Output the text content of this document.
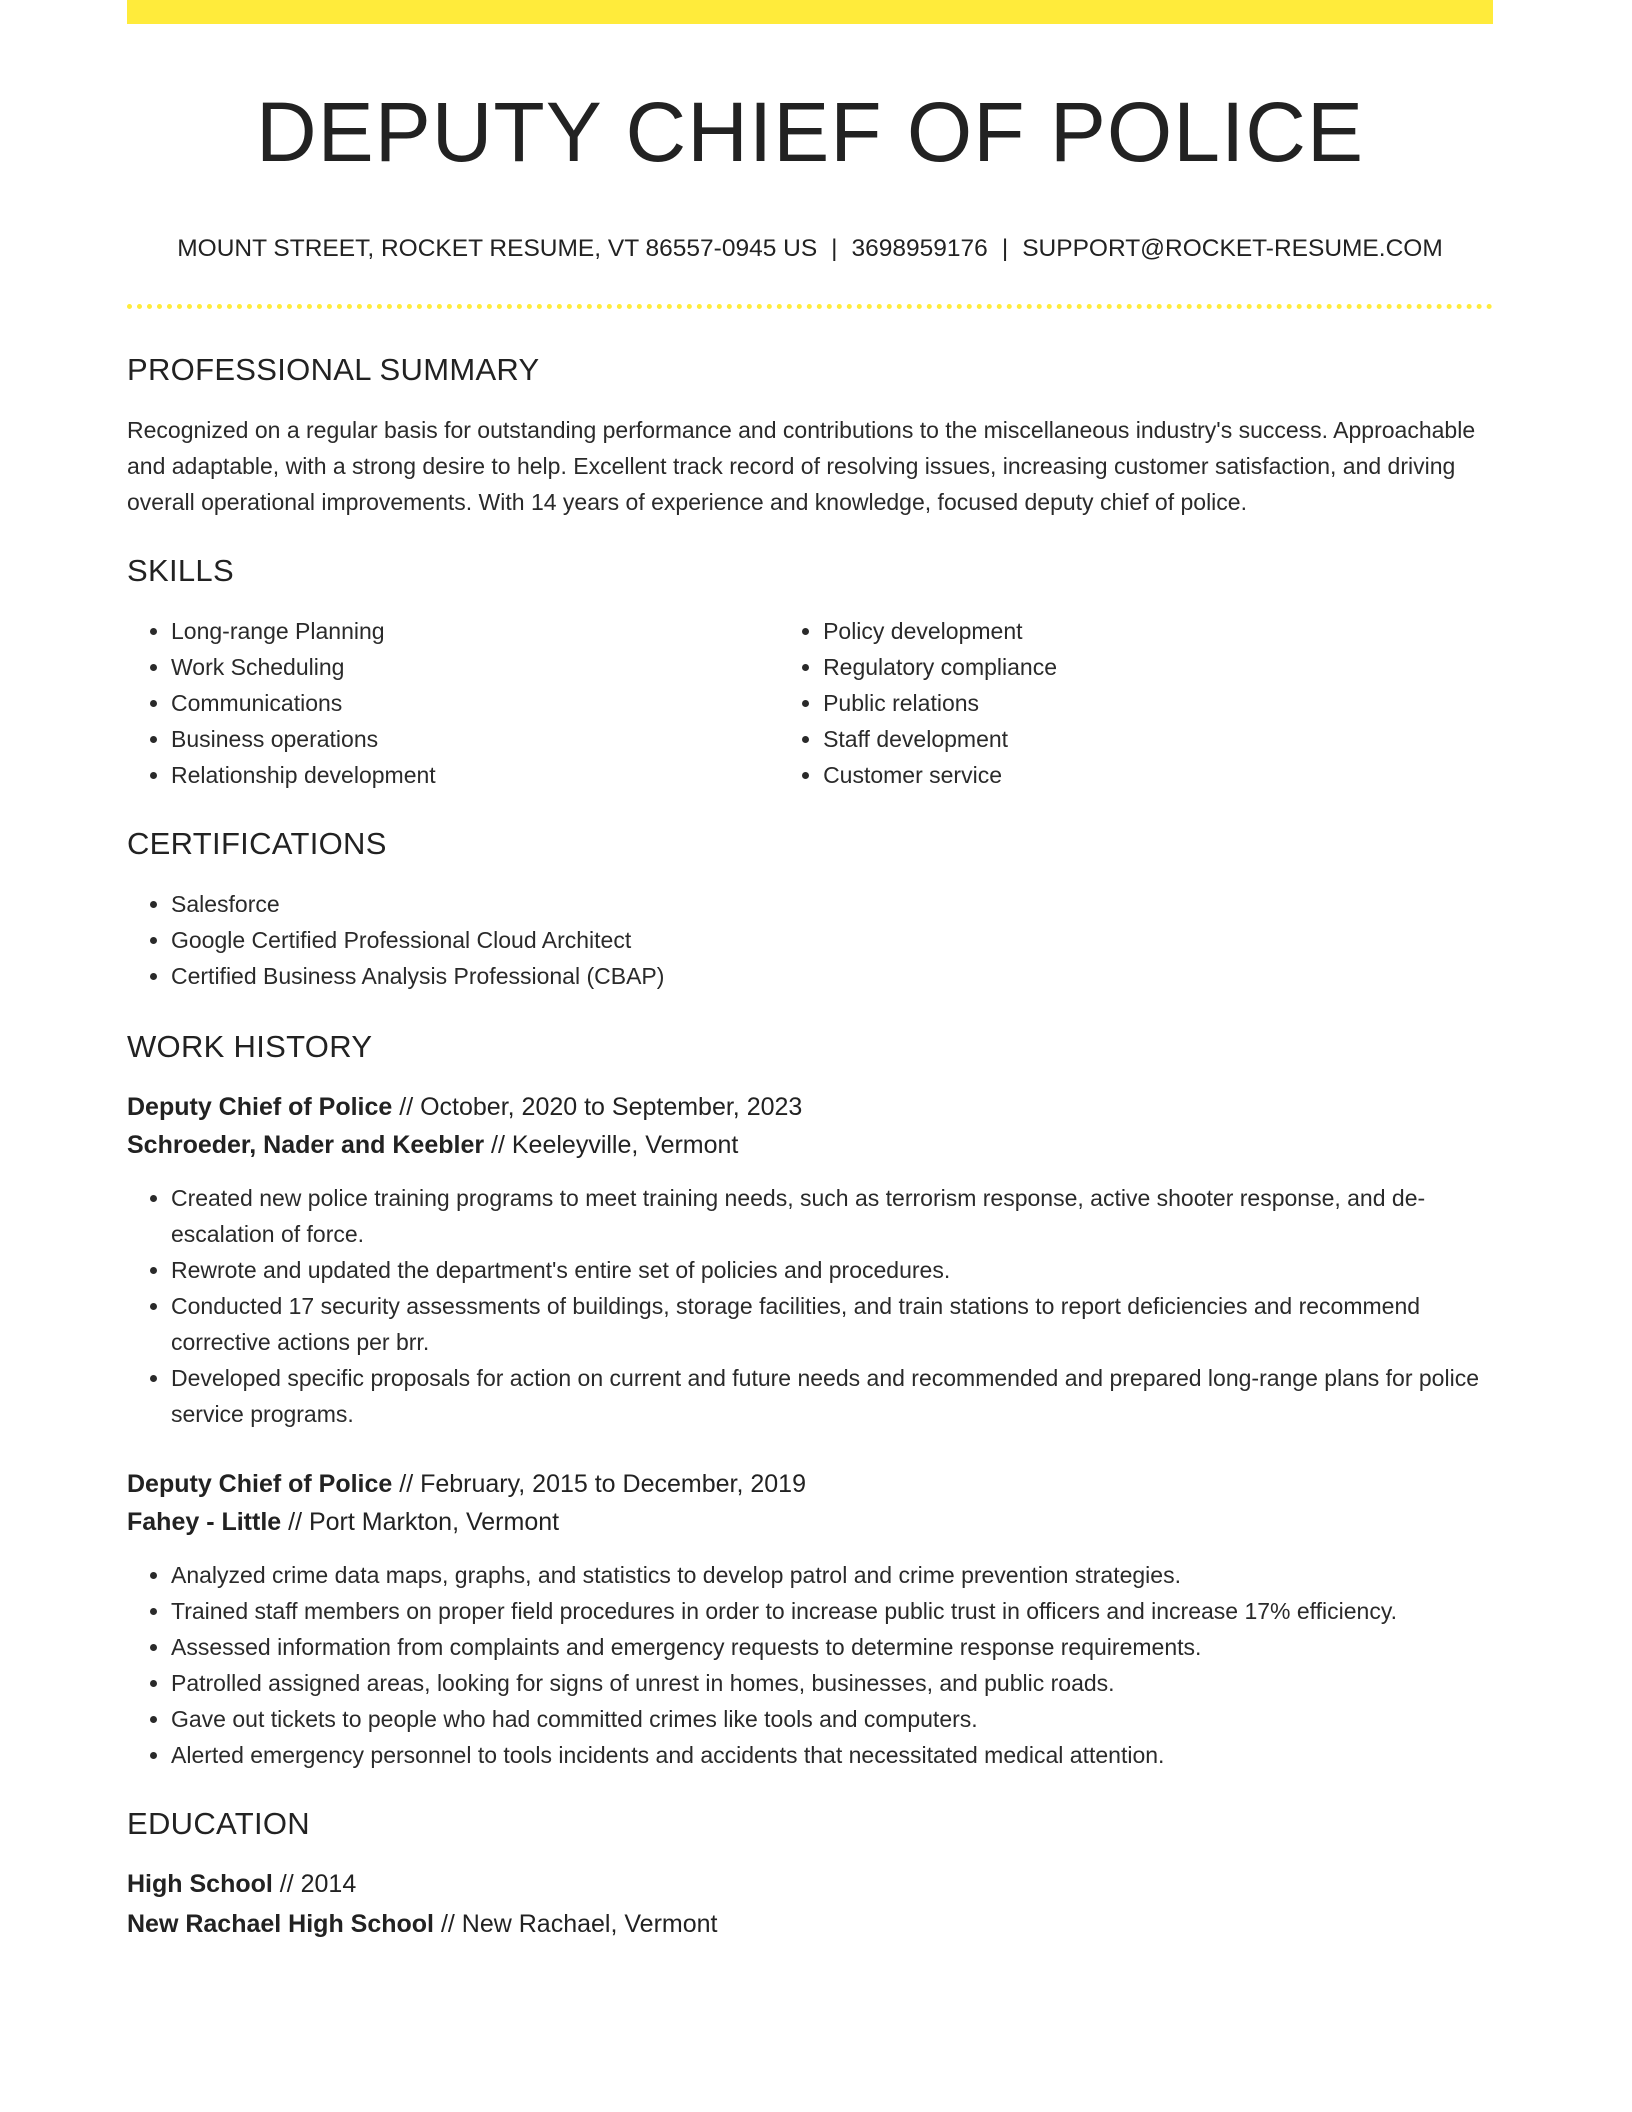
DEPUTY CHIEF OF POLICE
MOUNT STREET, ROCKET RESUME, VT 86557-0945 US | 3698959176 | SUPPORT@ROCKET-RESUME.COM
PROFESSIONAL SUMMARY
Recognized on a regular basis for outstanding performance and contributions to the miscellaneous industry's success. Approachable and adaptable, with a strong desire to help. Excellent track record of resolving issues, increasing customer satisfaction, and driving overall operational improvements. With 14 years of experience and knowledge, focused deputy chief of police.
SKILLS
• Long-range Planning
• Work Scheduling
• Communications
• Business operations
• Relationship development
• Policy development
• Regulatory compliance
• Public relations
• Staff development
• Customer service
CERTIFICATIONS
• Salesforce
• Google Certified Professional Cloud Architect
• Certified Business Analysis Professional (CBAP)
WORK HISTORY
Deputy Chief of Police // October, 2020 to September, 2023
Schroeder, Nader and Keebler // Keeleyville, Vermont
• Created new police training programs to meet training needs, such as terrorism response, active shooter response, and de-escalation of force.
• Rewrote and updated the department's entire set of policies and procedures.
• Conducted 17 security assessments of buildings, storage facilities, and train stations to report deficiencies and recommend corrective actions per brr.
• Developed specific proposals for action on current and future needs and recommended and prepared long-range plans for police service programs.
Deputy Chief of Police // February, 2015 to December, 2019
Fahey - Little // Port Markton, Vermont
• Analyzed crime data maps, graphs, and statistics to develop patrol and crime prevention strategies.
• Trained staff members on proper field procedures in order to increase public trust in officers and increase 17% efficiency.
• Assessed information from complaints and emergency requests to determine response requirements.
• Patrolled assigned areas, looking for signs of unrest in homes, businesses, and public roads.
• Gave out tickets to people who had committed crimes like tools and computers.
• Alerted emergency personnel to tools incidents and accidents that necessitated medical attention.
EDUCATION
High School // 2014
New Rachael High School // New Rachael, Vermont
